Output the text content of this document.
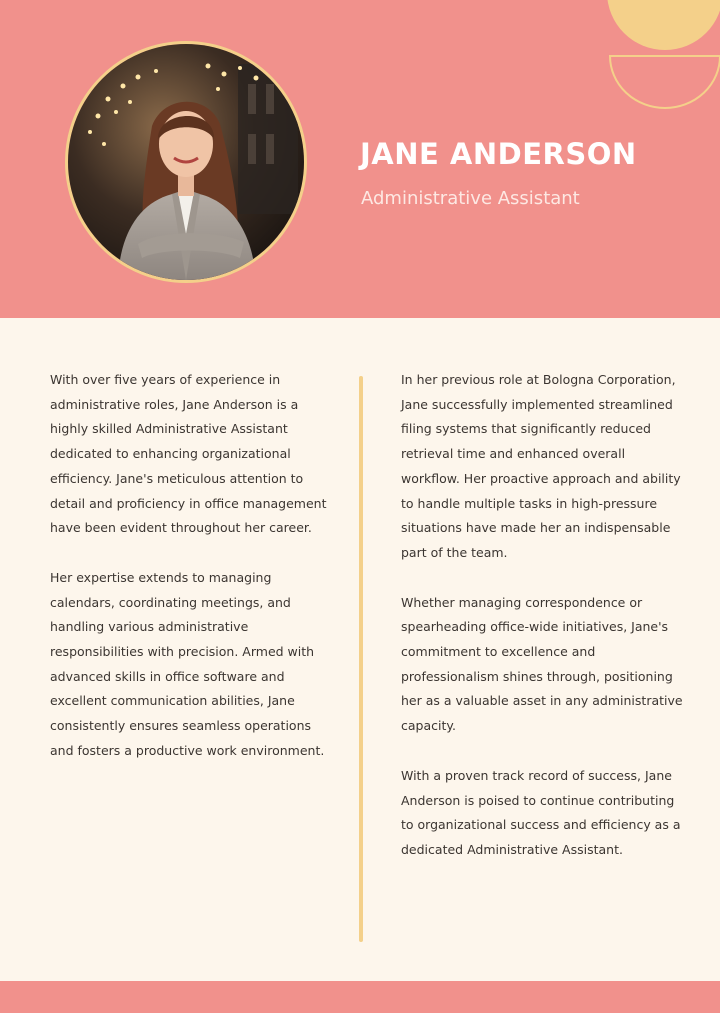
JANE ANDERSON

Administrative Assistant

With over five years of experience in administrative roles, Jane Anderson is a highly skilled Administrative Assistant dedicated to enhancing organizational efficiency. Jane's meticulous attention to detail and proficiency in office management have been evident throughout her career.

Her expertise extends to managing calendars, coordinating meetings, and handling various administrative responsibilities with precision. Armed with advanced skills in office software and excellent communication abilities, Jane consistently ensures seamless operations and fosters a productive work environment.

In her previous role at Bologna Corporation, Jane successfully implemented streamlined filing systems that significantly reduced retrieval time and enhanced overall workflow. Her proactive approach and ability to handle multiple tasks in high-pressure situations have made her an indispensable part of the team.

Whether managing correspondence or spearheading office-wide initiatives, Jane's commitment to excellence and professionalism shines through, positioning her as a valuable asset in any administrative capacity.

With a proven track record of success, Jane Anderson is poised to continue contributing to organizational success and efficiency as a dedicated Administrative Assistant.
